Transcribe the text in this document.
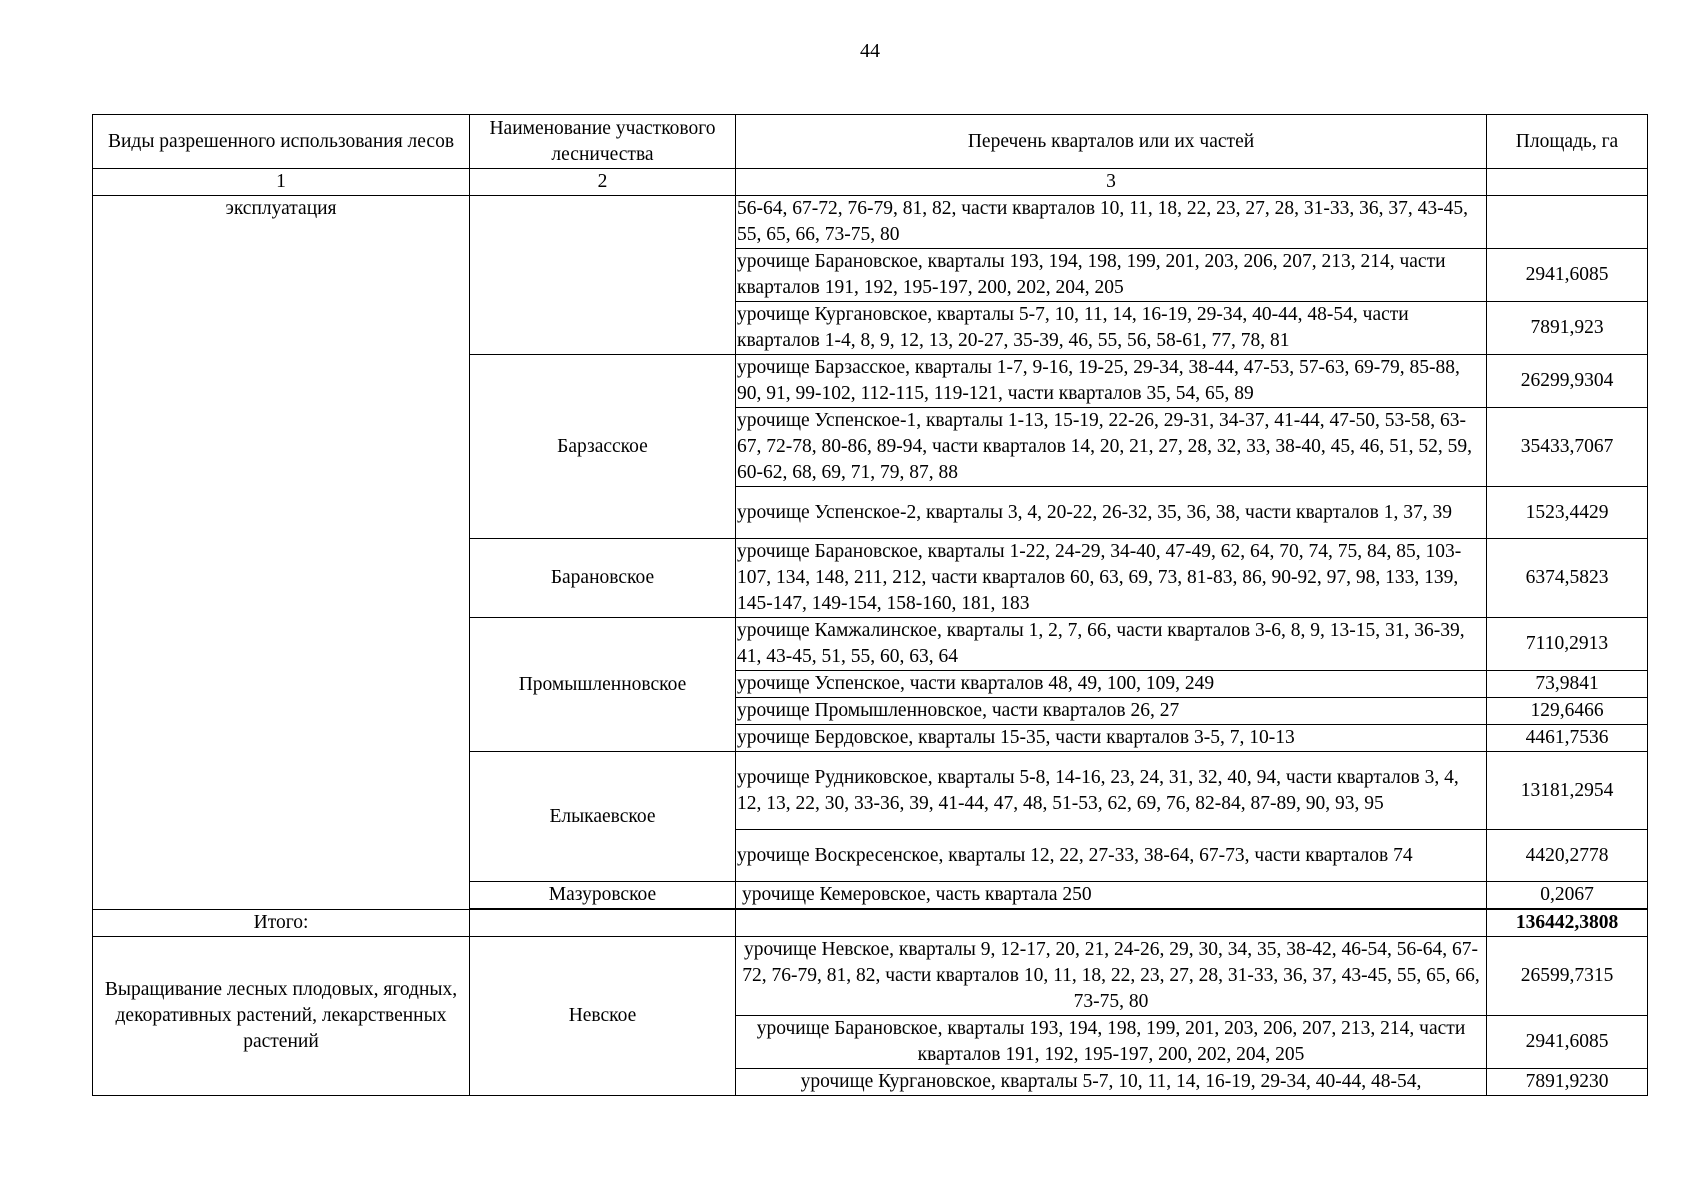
44
Виды разрешенного использования лесов	Наименование участкового лесничества	Перечень кварталов или их частей	Площадь, га
1	2	3	
эксплуатация		56-64, 67-72, 76-79, 81, 82, части кварталов 10, 11, 18, 22, 23, 27, 28, 31-33, 36, 37, 43-45, 55, 65, 66, 73-75, 80	
		урочище Барановское, кварталы 193, 194, 198, 199, 201, 203, 206, 207, 213, 214, части кварталов 191, 192, 195-197, 200, 202, 204, 205	2941,6085
		урочище Кургановское, кварталы 5-7, 10, 11, 14, 16-19, 29-34, 40-44, 48-54, части кварталов 1-4, 8, 9, 12, 13, 20-27, 35-39, 46, 55, 56, 58-61, 77, 78, 81	7891,923
	Барзасское	урочище Барзасское, кварталы 1-7, 9-16, 19-25, 29-34, 38-44, 47-53, 57-63, 69-79, 85-88, 90, 91, 99-102, 112-115, 119-121, части кварталов 35, 54, 65, 89	26299,9304
		урочище Успенское-1, кварталы 1-13, 15-19, 22-26, 29-31, 34-37, 41-44, 47-50, 53-58, 63-67, 72-78, 80-86, 89-94, части кварталов 14, 20, 21, 27, 28, 32, 33, 38-40, 45, 46, 51, 52, 59, 60-62, 68, 69, 71, 79, 87, 88	35433,7067
		урочище Успенское-2, кварталы 3, 4, 20-22, 26-32, 35, 36, 38, части кварталов 1, 37, 39	1523,4429
	Барановское	урочище Барановское, кварталы 1-22, 24-29, 34-40, 47-49, 62, 64, 70, 74, 75, 84, 85, 103-107, 134, 148, 211, 212, части кварталов 60, 63, 69, 73, 81-83, 86, 90-92, 97, 98, 133, 139, 145-147, 149-154, 158-160, 181, 183	6374,5823
	Промышленновское	урочище Камжалинское, кварталы 1, 2, 7, 66, части кварталов 3-6, 8, 9, 13-15, 31, 36-39, 41, 43-45, 51, 55, 60, 63, 64	7110,2913
		урочище Успенское, части кварталов 48, 49, 100, 109, 249	73,9841
		урочище Промышленновское, части кварталов 26, 27	129,6466
		урочище Бердовское, кварталы 15-35, части кварталов 3-5, 7, 10-13	4461,7536
	Елыкаевское	урочище Рудниковское, кварталы 5-8, 14-16, 23, 24, 31, 32, 40, 94, части кварталов 3, 4, 12, 13, 22, 30, 33-36, 39, 41-44, 47, 48, 51-53, 62, 69, 76, 82-84, 87-89, 90, 93, 95	13181,2954
		урочище Воскресенское, кварталы 12, 22, 27-33, 38-64, 67-73, части кварталов 74	4420,2778
	Мазуровское	урочище Кемеровское, часть квартала 250	0,2067

Итого:			136442,3808
Выращивание лесных плодовых, ягодных, декоративных растений, лекарственных растений	Невское	урочище Невское, кварталы 9, 12-17, 20, 21, 24-26, 29, 30, 34, 35, 38-42, 46-54, 56-64, 67-72, 76-79, 81, 82, части кварталов 10, 11, 18, 22, 23, 27, 28, 31-33, 36, 37, 43-45, 55, 65, 66, 73-75, 80	26599,7315
		урочище Барановское, кварталы 193, 194, 198, 199, 201, 203, 206, 207, 213, 214, части кварталов 191, 192, 195-197, 200, 202, 204, 205	2941,6085
		урочище Кургановское, кварталы 5-7, 10, 11, 14, 16-19, 29-34, 40-44, 48-54,	7891,9230
